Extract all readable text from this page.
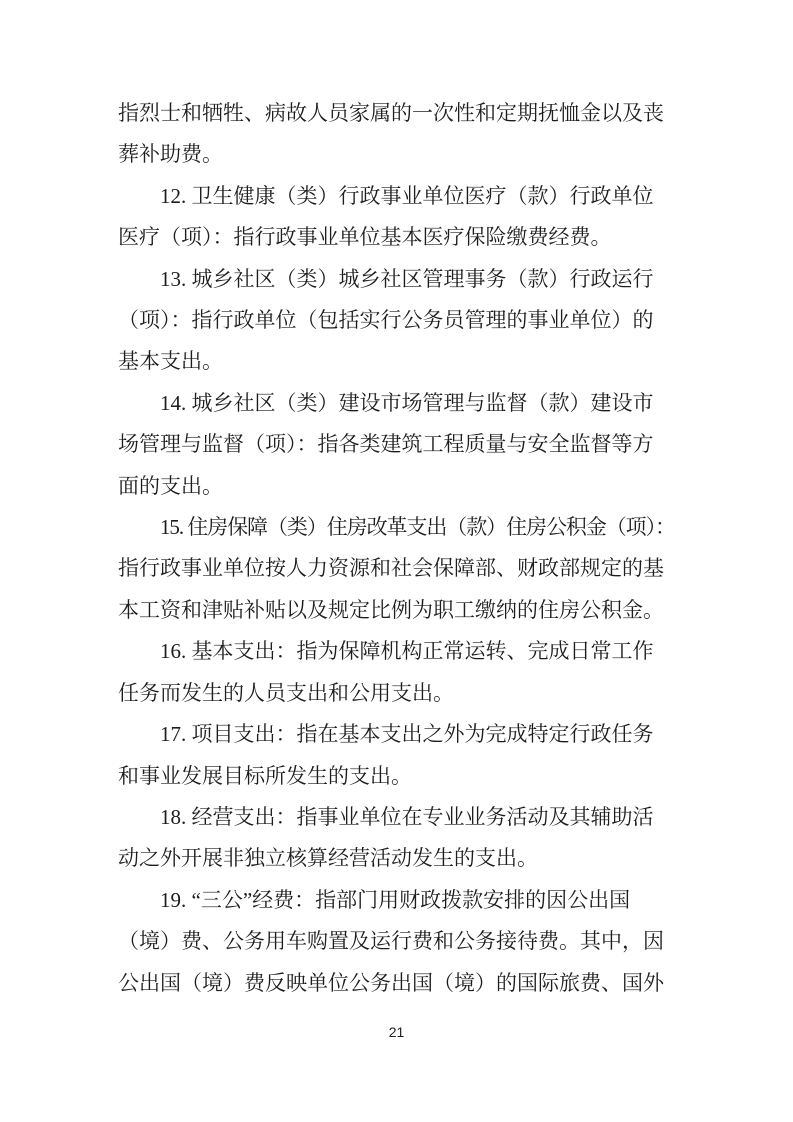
指烈士和牺牲、病故人员家属的一次性和定期抚恤金以及丧
葬补助费。
12. 卫生健康（类）行政事业单位医疗（款）行政单位
医疗（项）：指行政事业单位基本医疗保险缴费经费。
13. 城乡社区（类）城乡社区管理事务（款）行政运行
（项）：指行政单位（包括实行公务员管理的事业单位）的
基本支出。
14. 城乡社区（类）建设市场管理与监督（款）建设市
场管理与监督（项）：指各类建筑工程质量与安全监督等方
面的支出。
15. 住房保障（类）住房改革支出（款）住房公积金（项）：
指行政事业单位按人力资源和社会保障部、财政部规定的基
本工资和津贴补贴以及规定比例为职工缴纳的住房公积金。
16. 基本支出：指为保障机构正常运转、完成日常工作
任务而发生的人员支出和公用支出。
17. 项目支出：指在基本支出之外为完成特定行政任务
和事业发展目标所发生的支出。
18. 经营支出：指事业单位在专业业务活动及其辅助活
动之外开展非独立核算经营活动发生的支出。
19. “三公”经费：指部门用财政拨款安排的因公出国
（境）费、公务用车购置及运行费和公务接待费。其中，因
公出国（境）费反映单位公务出国（境）的国际旅费、国外
21
